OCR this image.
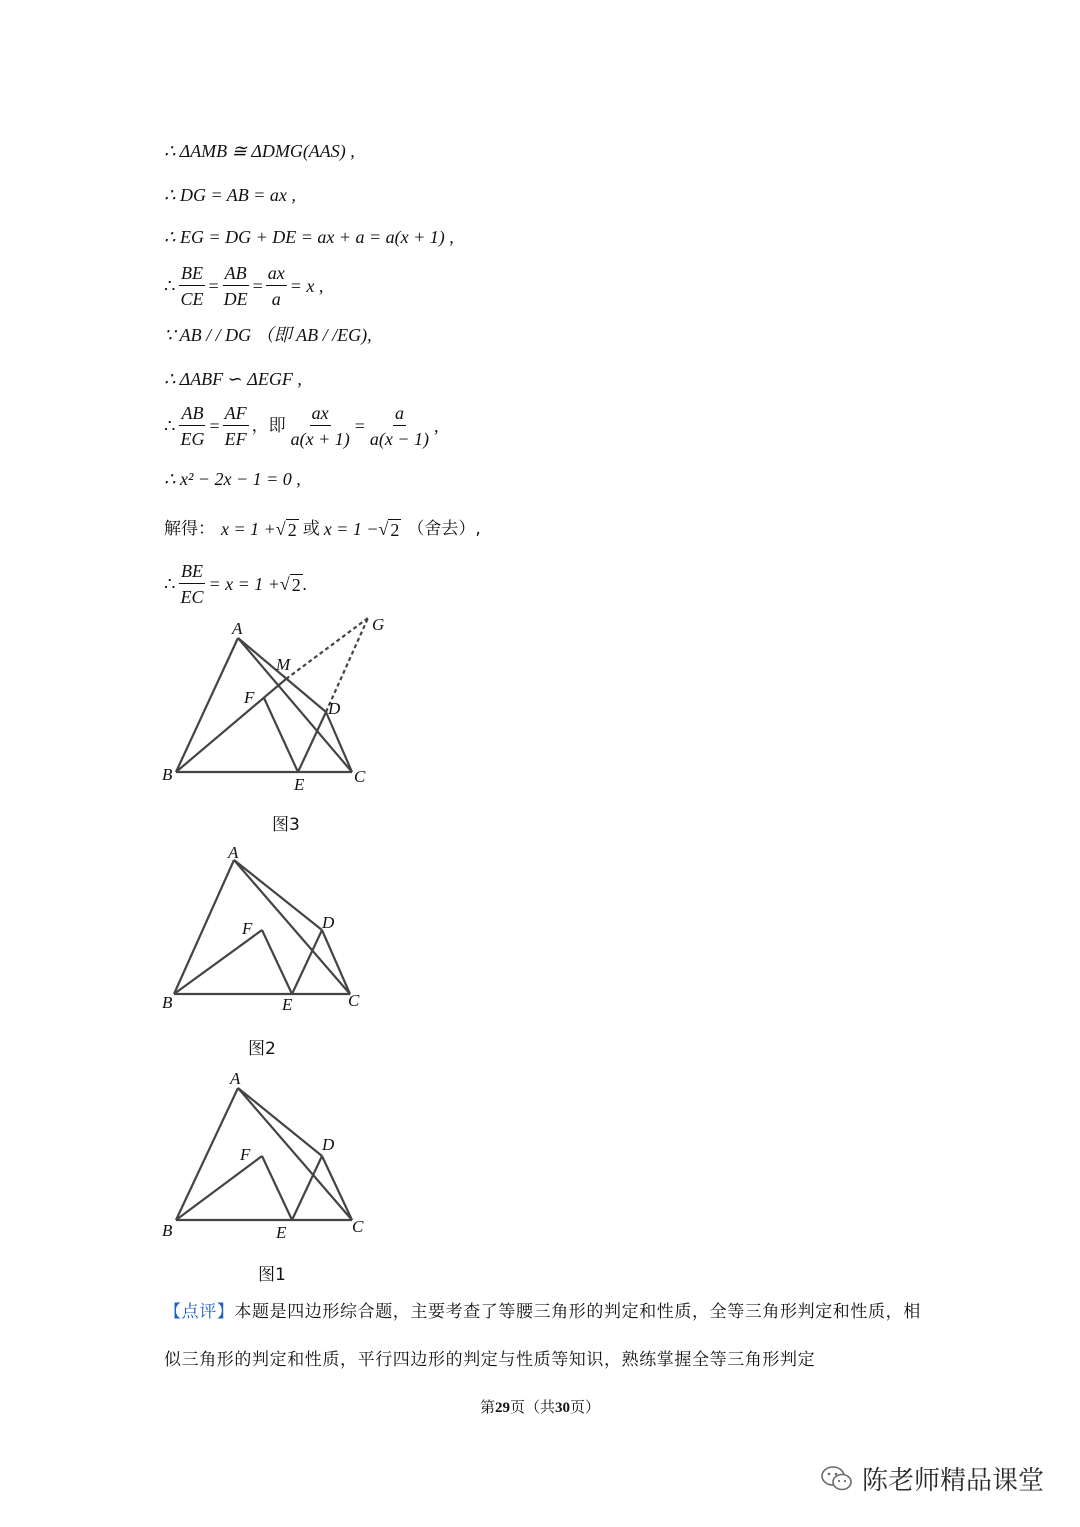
∴ ΔAMB ≅ ΔDMG(AAS) ,
∴ DG = AB = ax ,
∴ EG = DG + DE = ax + a = a(x + 1) ,
∴ $\frac{BE}{CE} = \frac{AB}{DE} = \frac{ax}{a} = x$ ,
∵ AB / / DG （即 AB / /EG),
∴ ΔABF ∽ ΔEGF ,
∴ $\frac{AB}{EG} = \frac{AF}{EF}$ ，即 $\frac{ax}{a(x + 1)} = \frac{a}{a(x - 1)}$ ,
∴ x² − 2x − 1 = 0 ,
解得： x = 1 + √ 2 或 x = 1 − √ 2 （舍去）,
∴ $\frac{BE}{EC} = x = 1$ + √ 2 .
A
B	C
D
E
F
G
M
A
B	C
D
E
F
A
B	C
D
E
F
图3
图2
图1
【点评】本题是四边形综合题，主要考查了等腰三角形的判定和性质，全等三角形判定和性质，相似三角形的判定和性质，平行四边形的判定与性质等知识，熟练掌握全等三角形判定
第29页（共30页）
陈老师精品课堂
